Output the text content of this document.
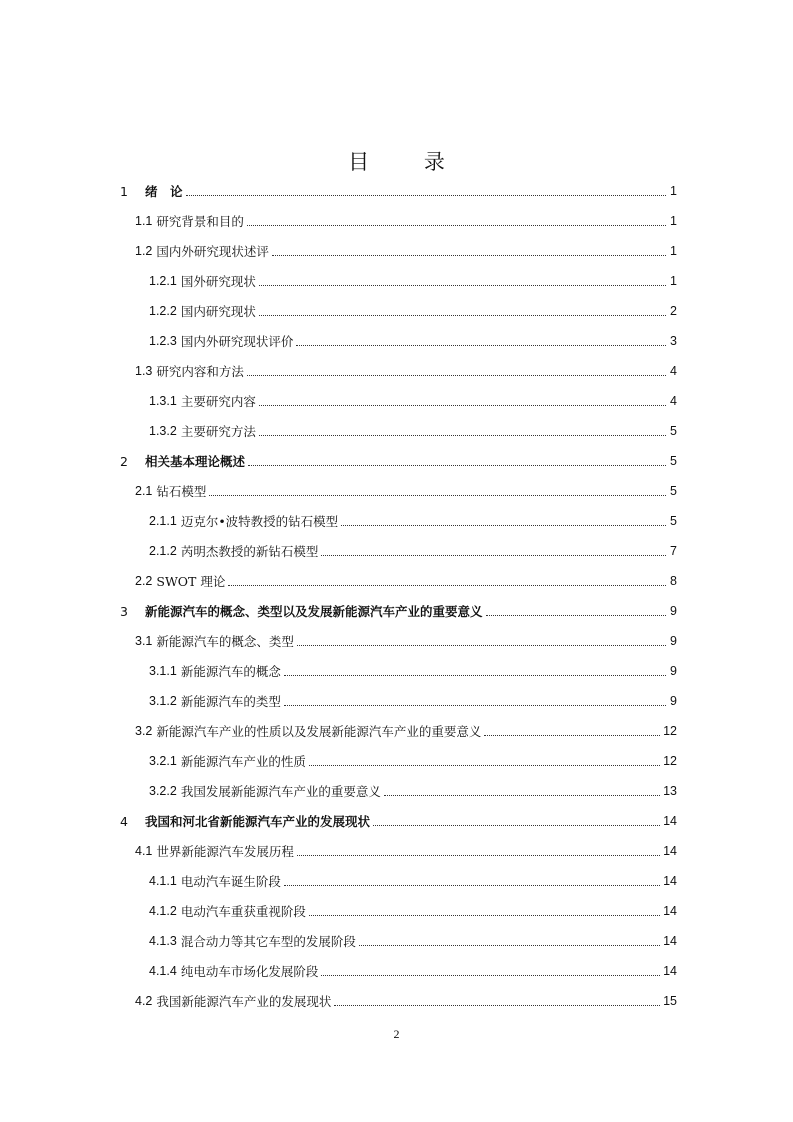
目 录
1	绪　论	1
1.1 研究背景和目的	1
1.2 国内外研究现状述评	1
1.2.1 国外研究现状	1
1.2.2 国内研究现状	2
1.2.3 国内外研究现状评价	3
1.3 研究内容和方法	4
1.3.1 主要研究内容	4
1.3.2 主要研究方法	5
2	相关基本理论概述	5
2.1 钻石模型	5
2.1.1 迈克尔•波特教授的钻石模型	5
2.1.2 芮明杰教授的新钻石模型	7
2.2 SWOT 理论	8
3	新能源汽车的概念、类型以及发展新能源汽车产业的重要意义	9
3.1 新能源汽车的概念、类型	9
3.1.1 新能源汽车的概念	9
3.1.2 新能源汽车的类型	9
3.2 新能源汽车产业的性质以及发展新能源汽车产业的重要意义	12
3.2.1 新能源汽车产业的性质	12
3.2.2 我国发展新能源汽车产业的重要意义	13
4	我国和河北省新能源汽车产业的发展现状	14
4.1 世界新能源汽车发展历程	14
4.1.1 电动汽车诞生阶段	14
4.1.2 电动汽车重获重视阶段	14
4.1.3 混合动力等其它车型的发展阶段	14
4.1.4 纯电动车市场化发展阶段	14
4.2 我国新能源汽车产业的发展现状	15
2
